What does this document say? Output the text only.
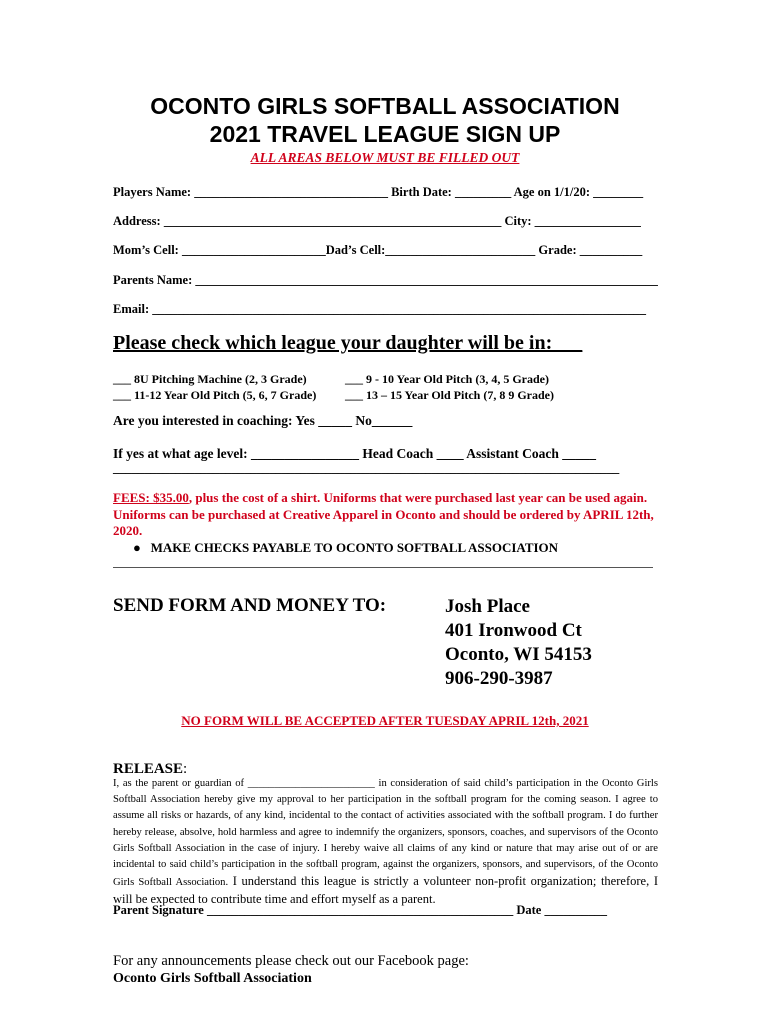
OCONTO GIRLS SOFTBALL ASSOCIATION
2021 TRAVEL LEAGUE SIGN UP
ALL AREAS BELOW MUST BE FILLED OUT
Players Name: _______________________________ Birth Date: _________ Age on 1/1/20: ________
Address: ______________________________________________________ City: _________________
Mom’s Cell: _______________________Dad’s Cell:________________________ Grade: __________
Parents Name: __________________________________________________________________________
Email: _______________________________________________________________________________
Please check which league your daughter will be in:___
___ 8U Pitching Machine (2, 3 Grade)
___ 11-12 Year Old Pitch (5, 6, 7 Grade)
___ 9 - 10 Year Old Pitch (3, 4, 5 Grade)
___ 13 – 15 Year Old Pitch (7, 8 9 Grade)
Are you interested in coaching: Yes _____ No______
If yes at what age level: ________________ Head Coach ____ Assistant Coach _____
_________________________________________________________________________________
FEES: $35.00, plus the cost of a shirt. Uniforms that were purchased last year can be used again. Uniforms can be purchased at Creative Apparel in Oconto and should be ordered by APRIL 12th, 2020.
●   MAKE CHECKS PAYABLE TO OCONTO SOFTBALL ASSOCIATION
SEND FORM AND MONEY TO:	Josh Place
401 Ironwood Ct
Oconto, WI 54153
906-290-3987
NO FORM WILL BE ACCEPTED AFTER TUESDAY APRIL 12th, 2021
RELEASE:
I, as the parent or guardian of ________________________ in consideration of said child’s participation in the Oconto Girls Softball Association hereby give my approval to her participation in the softball program for the coming season. I agree to assume all risks or hazards, of any kind, incidental to the contact of activities associated with the softball program. I do further hereby release, absolve, hold harmless and agree to indemnify the organizers, sponsors, coaches, and supervisors of the Oconto Girls Softball Association in the case of injury. I hereby waive all claims of any kind or nature that may arise out of or are incidental to said child’s participation in the softball program, against the organizers, sponsors, and supervisors, of the Oconto Girls Softball Association. I understand this league is strictly a volunteer non-profit organization; therefore, I will be expected to contribute time and effort myself as a parent.
Parent Signature _________________________________________________ Date __________
For any announcements please check out our Facebook page:
Oconto Girls Softball Association
